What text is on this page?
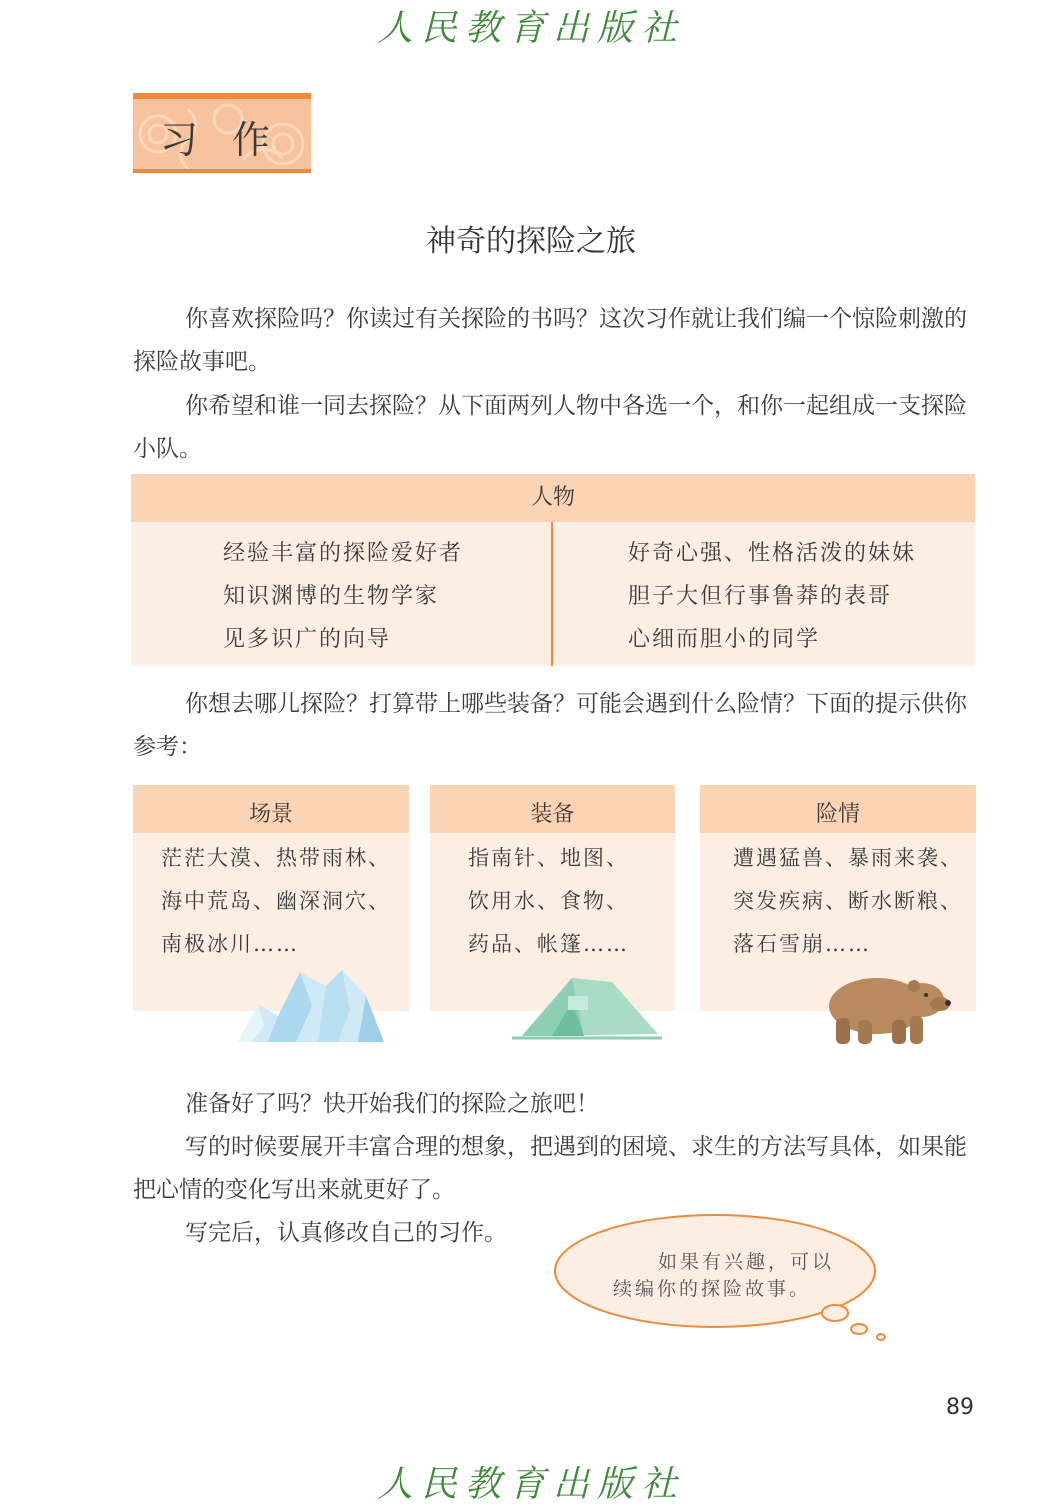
人民教育出版社
习作
神奇的探险之旅

你喜欢探险吗？你读过有关探险的书吗？这次习作就让我们编一个惊险刺激的探险故事吧。

你希望和谁一同去探险？从下面两列人物中各选一个，和你一起组成一支探险小队。

人物
经验丰富的探险爱好者
知识渊博的生物学家
见多识广的向导
好奇心强、性格活泼的妹妹
胆子大但行事鲁莽的表哥
心细而胆小的同学

你想去哪儿探险？打算带上哪些装备？可能会遇到什么险情？下面的提示供你参考：

场景
茫茫大漠、热带雨林、
海中荒岛、幽深洞穴、
南极冰川……
装备
指南针、地图、
饮用水、食物、
药品、帐篷……
险情
遭遇猛兽、暴雨来袭、
突发疾病、断水断粮、
落石雪崩……

准备好了吗？快开始我们的探险之旅吧！

写的时候要展开丰富合理的想象，把遇到的困境、求生的方法写具体，如果能把心情的变化写出来就更好了。

写完后，认真修改自己的习作。

如果有兴趣，可以
续编你的探险故事。
89
人民教育出版社
